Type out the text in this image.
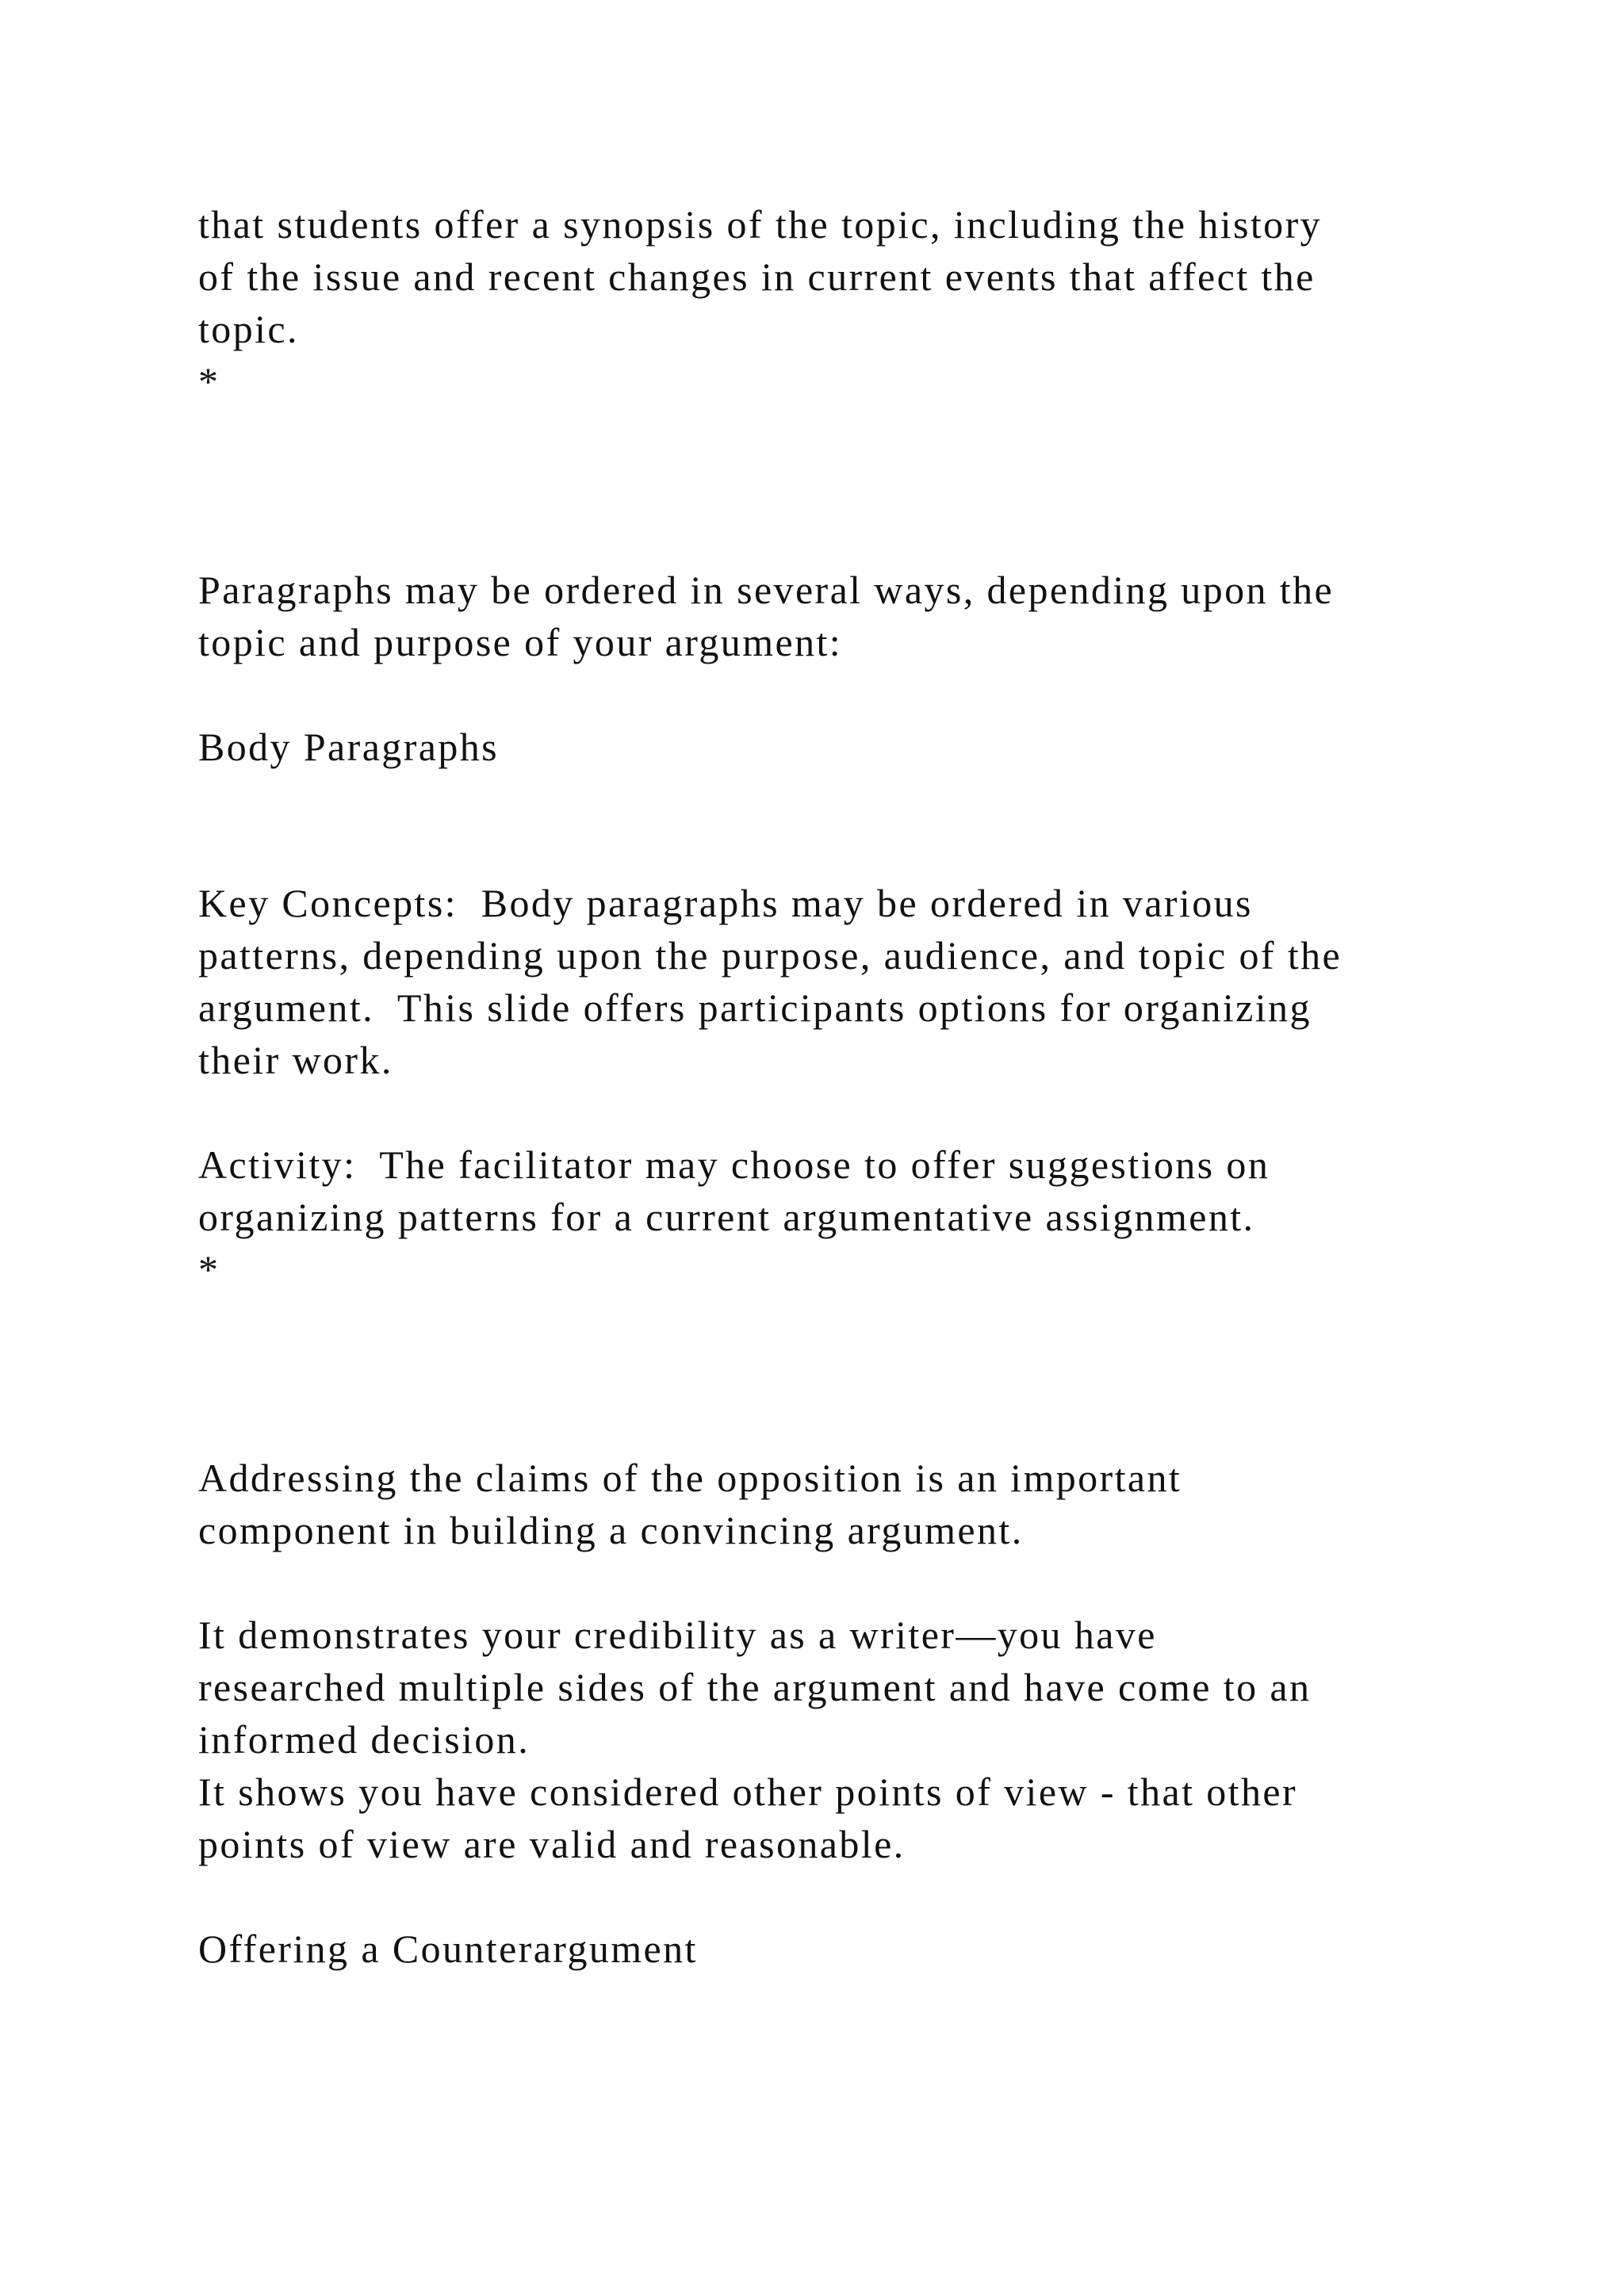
that students offer a synopsis of the topic, including the history
of the issue and recent changes in current events that affect the
topic.
*
Paragraphs may be ordered in several ways, depending upon the
topic and purpose of your argument:
Body Paragraphs
Key Concepts:  Body paragraphs may be ordered in various
patterns, depending upon the purpose, audience, and topic of the
argument.  This slide offers participants options for organizing
their work.
Activity:  The facilitator may choose to offer suggestions on
organizing patterns for a current argumentative assignment.
*
Addressing the claims of the opposition is an important
component in building a convincing argument.
It demonstrates your credibility as a writer—you have
researched multiple sides of the argument and have come to an
informed decision.
It shows you have considered other points of view - that other
points of view are valid and reasonable.
Offering a Counterargument
